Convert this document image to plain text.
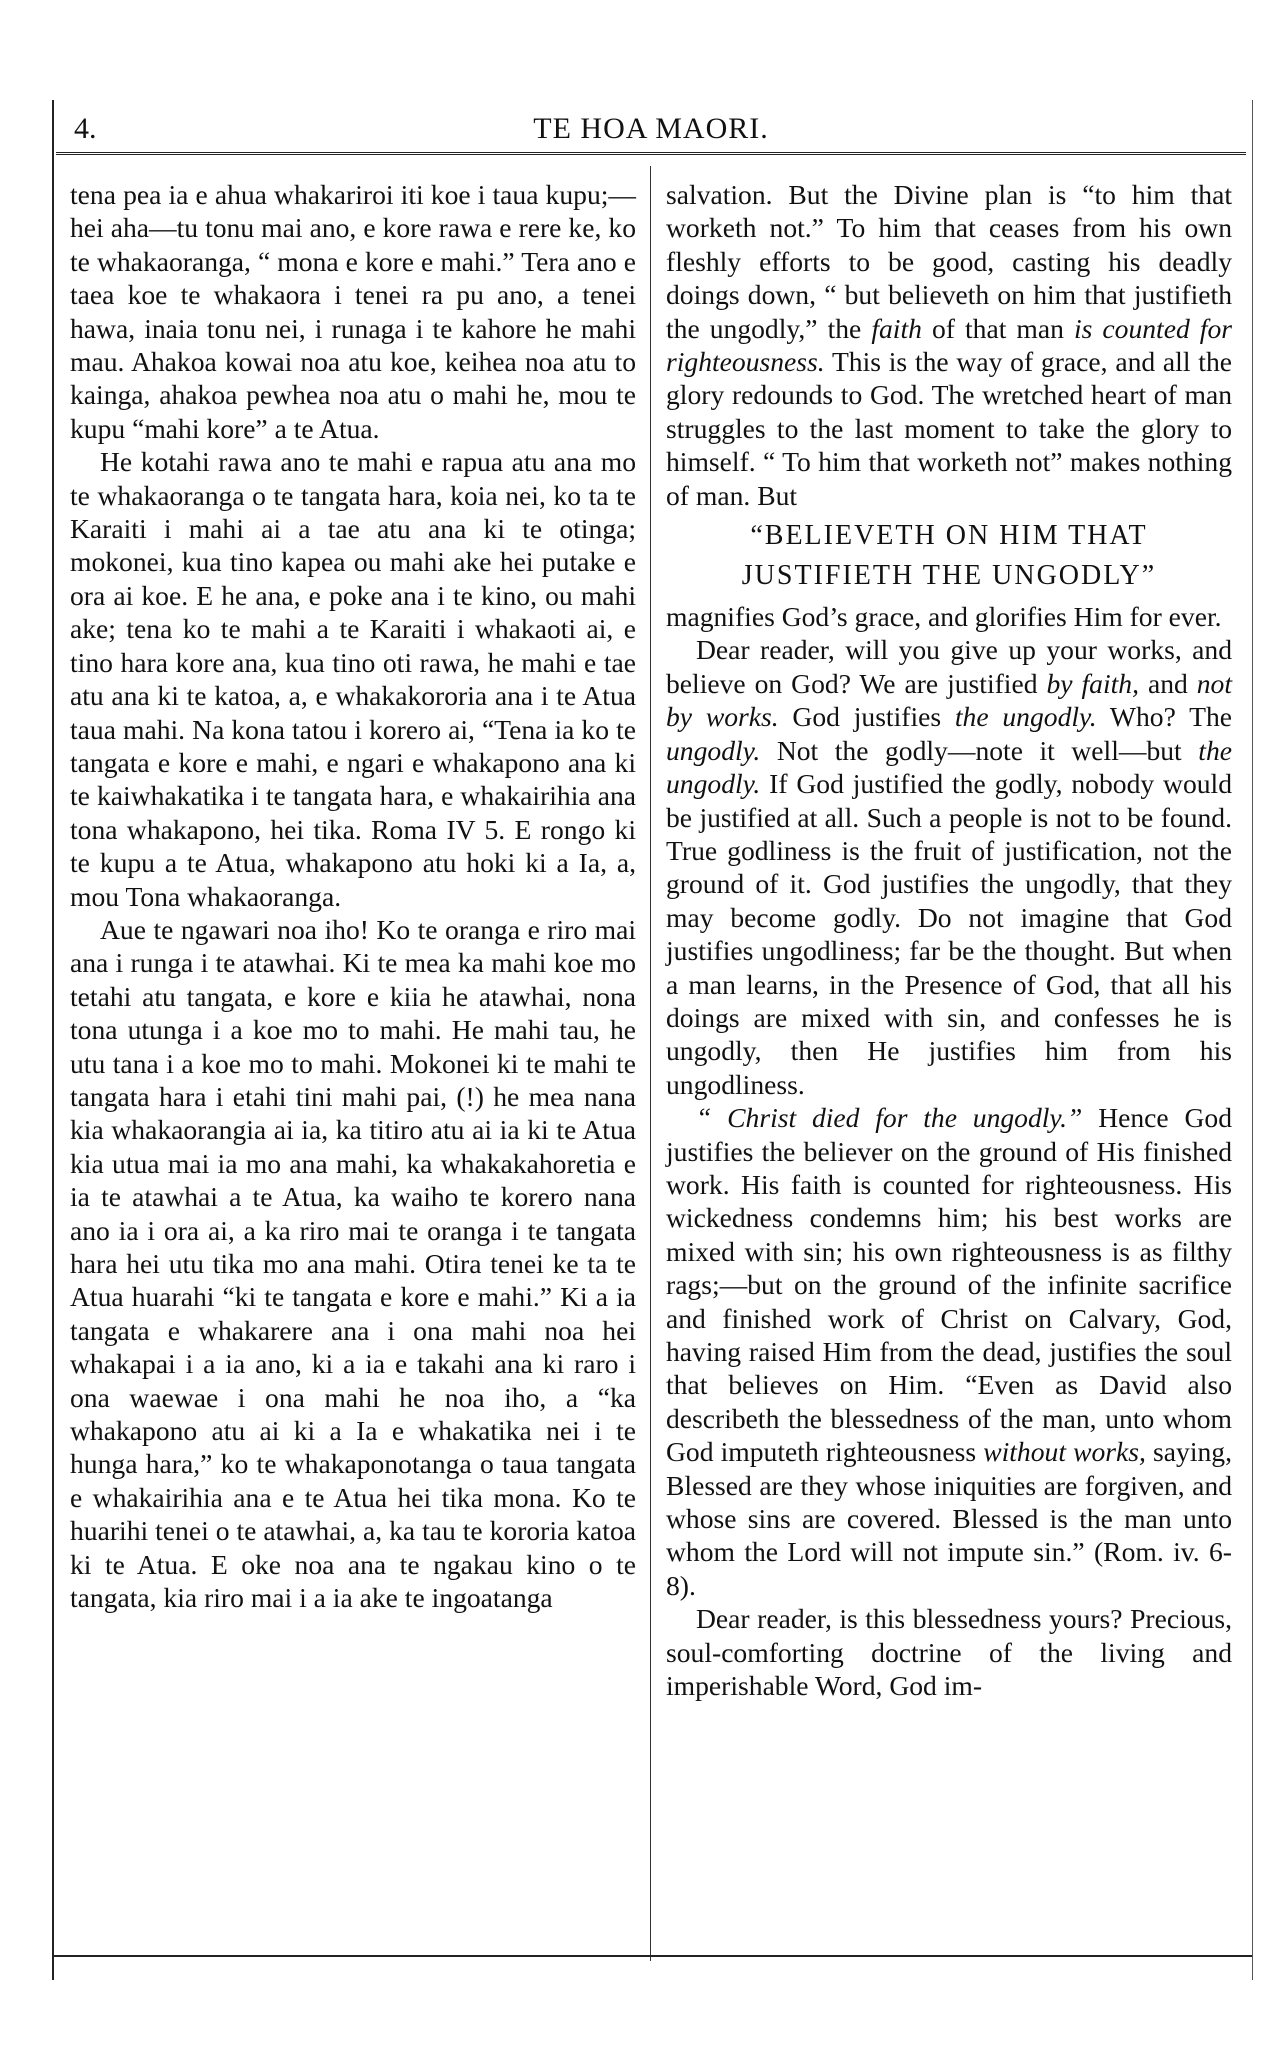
4.	TE HOA MAORI.

tena pea ia e ahua whakariroi iti koe i taua kupu;—hei aha—tu tonu mai ano, e kore rawa e rere ke, ko te whakaoranga, “ mona e kore e mahi.” Tera ano e taea koe te whakaora i tenei ra pu ano, a tenei hawa, inaia tonu nei, i runaga i te kahore he mahi mau. Ahakoa kowai noa atu koe, keihea noa atu to kainga, ahakoa pewhea noa atu o mahi he, mou te kupu “mahi kore” a te Atua.

He kotahi rawa ano te mahi e rapua atu ana mo te whakaoranga o te tangata hara, koia nei, ko ta te Karaiti i mahi ai a tae atu ana ki te otinga; mokonei, kua tino kapea ou mahi ake hei putake e ora ai koe. E he ana, e poke ana i te kino, ou mahi ake; tena ko te mahi a te Karaiti i whakaoti ai, e tino hara kore ana, kua tino oti rawa, he mahi e tae atu ana ki te katoa, a, e whakakororia ana i te Atua taua mahi. Na kona tatou i korero ai, “Tena ia ko te tangata e kore e mahi, e ngari e whakapono ana ki te kaiwhakatika i te tangata hara, e whakairihia ana tona whakapono, hei tika. Roma IV 5. E rongo ki te kupu a te Atua, whakapono atu hoki ki a Ia, a, mou Tona whakaoranga.

Aue te ngawari noa iho! Ko te oranga e riro mai ana i runga i te atawhai. Ki te mea ka mahi koe mo tetahi atu tangata, e kore e kiia he atawhai, nona tona utunga i a koe mo to mahi. He mahi tau, he utu tana i a koe mo to mahi. Mokonei ki te mahi te tangata hara i etahi tini mahi pai, (!) he mea nana kia whakaorangia ai ia, ka titiro atu ai ia ki te Atua kia utua mai ia mo ana mahi, ka whakakahoretia e ia te atawhai a te Atua, ka waiho te korero nana ano ia i ora ai, a ka riro mai te oranga i te tangata hara hei utu tika mo ana mahi. Otira tenei ke ta te Atua huarahi “ki te tangata e kore e mahi.” Ki a ia tangata e whakarere ana i ona mahi noa hei whakapai i a ia ano, ki a ia e takahi ana ki raro i ona waewae i ona mahi he noa iho, a “ka whakapono atu ai ki a Ia e whakatika nei i te hunga hara,” ko te whakaponotanga o taua tangata e whakairihia ana e te Atua hei tika mona. Ko te huarihi tenei o te atawhai, a, ka tau te kororia katoa ki te Atua. E oke noa ana te ngakau kino o te tangata, kia riro mai i a ia ake te ingoatanga

salvation. But the Divine plan is “to him that worketh not.” To him that ceases from his own fleshly efforts to be good, casting his deadly doings down, “ but believeth on him that justifieth the ungodly,” the faith of that man is counted for righteousness. This is the way of grace, and all the glory redounds to God. The wretched heart of man struggles to the last moment to take the glory to himself. “ To him that worketh not” makes nothing of man. But

“BELIEVETH ON HIM THAT JUSTIFIETH THE UNGODLY”

magnifies God’s grace, and glorifies Him for ever.

Dear reader, will you give up your works, and believe on God? We are justified by faith, and not by works. God justifies the ungodly. Who? The ungodly. Not the godly—note it well—but the ungodly. If God justified the godly, nobody would be justified at all. Such a people is not to be found. True godliness is the fruit of justification, not the ground of it. God justifies the ungodly, that they may become godly. Do not imagine that God justifies ungodliness; far be the thought. But when a man learns, in the Presence of God, that all his doings are mixed with sin, and confesses he is ungodly, then He justifies him from his ungodliness.

“ Christ died for the ungodly.” Hence God justifies the believer on the ground of His finished work. His faith is counted for righteousness. His wickedness condemns him; his best works are mixed with sin; his own righteousness is as filthy rags;—but on the ground of the infinite sacrifice and finished work of Christ on Calvary, God, having raised Him from the dead, justifies the soul that believes on Him. “Even as David also describeth the blessedness of the man, unto whom God imputeth righteousness without works, saying, Blessed are they whose iniquities are forgiven, and whose sins are covered. Blessed is the man unto whom the Lord will not impute sin.” (Rom. iv. 6-8).

Dear reader, is this blessedness yours? Precious, soul-comforting doctrine of the living and imperishable Word, God im-
